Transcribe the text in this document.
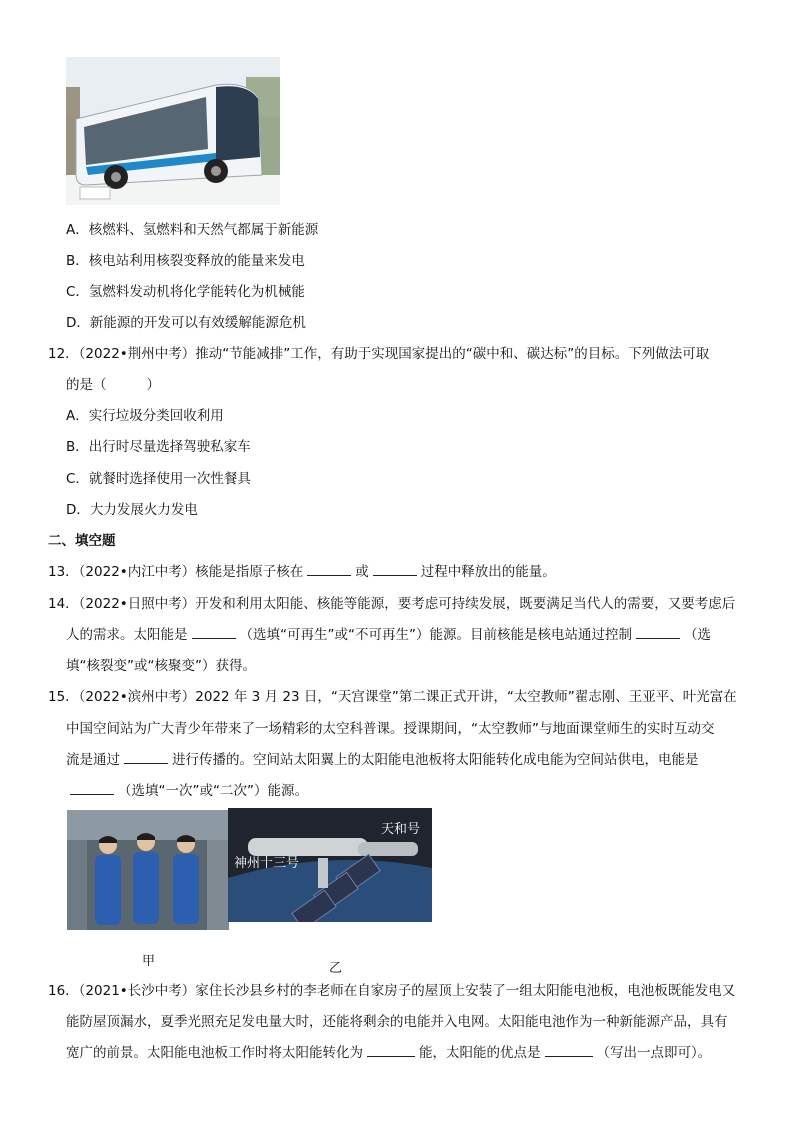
A．核燃料、氢燃料和天然气都属于新能源
B．核电站利用核裂变释放的能量来发电
C．氢燃料发动机将化学能转化为机械能
D．新能源的开发可以有效缓解能源危机
12．（2022•荆州中考）推动“节能减排”工作，有助于实现国家提出的“碳中和、碳达标”的目标。下列做法可取
的是（	）
A．实行垃圾分类回收利用
B．出行时尽量选择驾驶私家车
C．就餐时选择使用一次性餐具
D．大力发展火力发电
二、填空题
13．（2022•内江中考）核能是指原子核在	或	过程中释放出的能量。
14．（2022•日照中考）开发和利用太阳能、核能等能源，要考虑可持续发展，既要满足当代人的需要，又要考虑后
人的需求。太阳能是	（选填“可再生”或“不可再生”）能源。目前核能是核电站通过控制	（选
填“核裂变”或“核聚变”）获得。
15．（2022•滨州中考）2022 年 3 月 23 日，“天宫课堂”第二课正式开讲，“太空教师”翟志刚、王亚平、叶光富在
中国空间站为广大青少年带来了一场精彩的太空科普课。授课期间，“太空教师”与地面课堂师生的实时互动交
流是通过	进行传播的。空间站太阳翼上的太阳能电池板将太阳能转化成电能为空间站供电，电能是
（选填“一次”或“二次”）能源。
天和号
神州十三号
甲	乙
16．（2021•长沙中考）家住长沙县乡村的李老师在自家房子的屋顶上安装了一组太阳能电池板，电池板既能发电又
能防屋顶漏水，夏季光照充足发电量大时，还能将剩余的电能并入电网。太阳能电池作为一种新能源产品，具有
宽广的前景。太阳能电池板工作时将太阳能转化为	能，太阳能的优点是	（写出一点即可）。
